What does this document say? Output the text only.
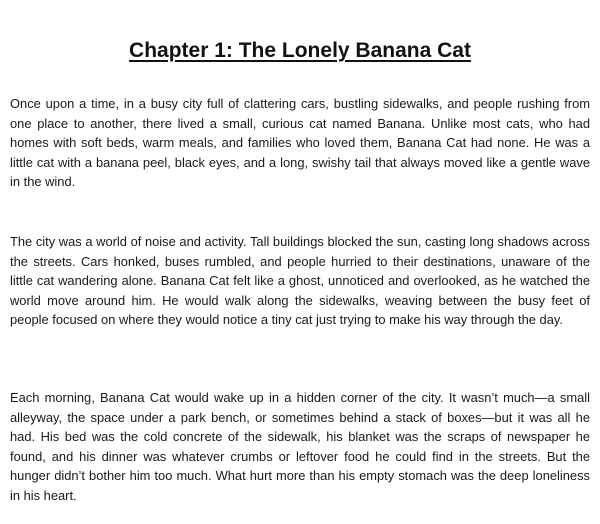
Chapter 1: The Lonely Banana Cat

Once upon a time, in a busy city full of clattering cars, bustling sidewalks, and people rushing from one place to another, there lived a small, curious cat named Banana. Unlike most cats, who had homes with soft beds, warm meals, and families who loved them, Banana Cat had none. He was a little cat with a banana peel, black eyes, and a long, swishy tail that always moved like a gentle wave in the wind.

The city was a world of noise and activity. Tall buildings blocked the sun, casting long shadows across the streets. Cars honked, buses rumbled, and people hurried to their destinations, unaware of the little cat wandering alone. Banana Cat felt like a ghost, unnoticed and overlooked, as he watched the world move around him. He would walk along the sidewalks, weaving between the busy feet of people focused on where they would notice a tiny cat just trying to make his way through the day.

Each morning, Banana Cat would wake up in a hidden corner of the city. It wasn’t much—a small alleyway, the space under a park bench, or sometimes behind a stack of boxes—but it was all he had. His bed was the cold concrete of the sidewalk, his blanket was the scraps of newspaper he found, and his dinner was whatever crumbs or leftover food he could find in the streets. But the hunger didn’t bother him too much. What hurt more than his empty stomach was the deep loneliness in his heart.
